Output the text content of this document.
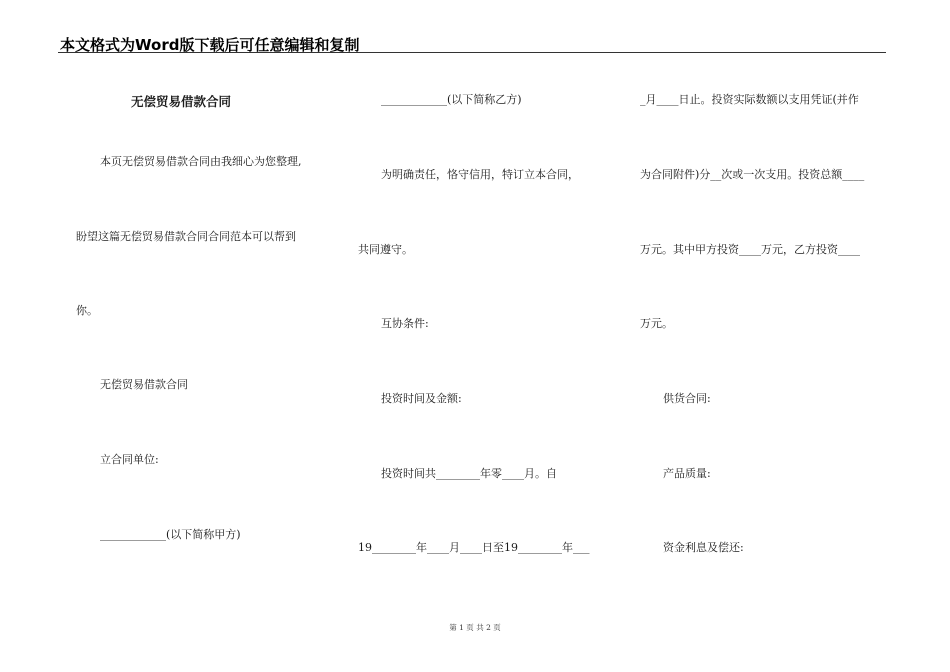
本文格式为Word版下载后可任意编辑和复制
无偿贸易借款合同
本页无偿贸易借款合同由我细心为您整理,
盼望这篇无偿贸易借款合同合同范本可以帮到
你。
无偿贸易借款合同
立合同单位:
____________(以下简称甲方)
____________(以下简称乙方)
为明确责任，恪守信用，特订立本合同，
共同遵守。
互协条件:
投资时间及金额:
投资时间共________年零____月。自
19________年____月____日至19________年___
_月____日止。投资实际数额以支用凭证(并作
为合同附件)分__次或一次支用。投资总额____
万元。其中甲方投资____万元，乙方投资____
万元。
供货合同:
产品质量:
资金利息及偿还:
第 1 页 共 2 页
